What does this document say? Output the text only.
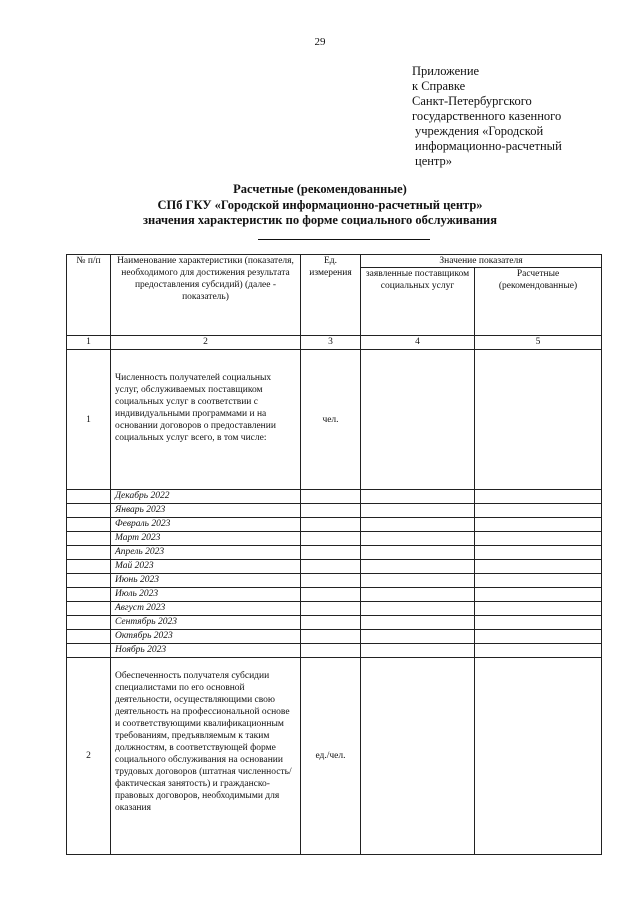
29
Приложение
к Справке
Санкт-Петербургского
государственного казенного
учреждения «Городской
информационно-расчетный
центр»
Расчетные (рекомендованные)
СПб ГКУ «Городской информационно-расчетный центр»
значения характеристик по форме социального обслуживания
№ п/п	Наименование характеристики (показателя, необходимого для достижения результата предоставления субсидий) (далее - показатель)	Ед. измерения	Значение показателя	
			заявленные поставщиком социальных услуг	Расчетные (рекомендованные)
1	2	3	4	5
1	Численность получателей социальных услуг, обслуживаемых поставщиком социальных услуг в соответствии с индивидуальными программами и на основании договоров о предоставлении социальных услуг всего, в том числе:	чел.		
	Декабрь 2022			
	Январь 2023			
	Февраль 2023			
	Март 2023			
	Апрель 2023			
	Май 2023			
	Июнь 2023			
	Июль 2023			
	Август 2023			
	Сентябрь 2023			
	Октябрь 2023			
	Ноябрь 2023			
2	Обеспеченность получателя субсидии специалистами по его основной деятельности, осуществляющими свою деятельность на профессиональной основе и соответствующими квалификационным требованиям, предъявляемым к таким должностям, в соответствующей форме социального обслуживания на основании трудовых договоров (штатная численность/ фактическая занятость) и гражданско-правовых договоров, необходимыми для оказания	ед./чел.		
